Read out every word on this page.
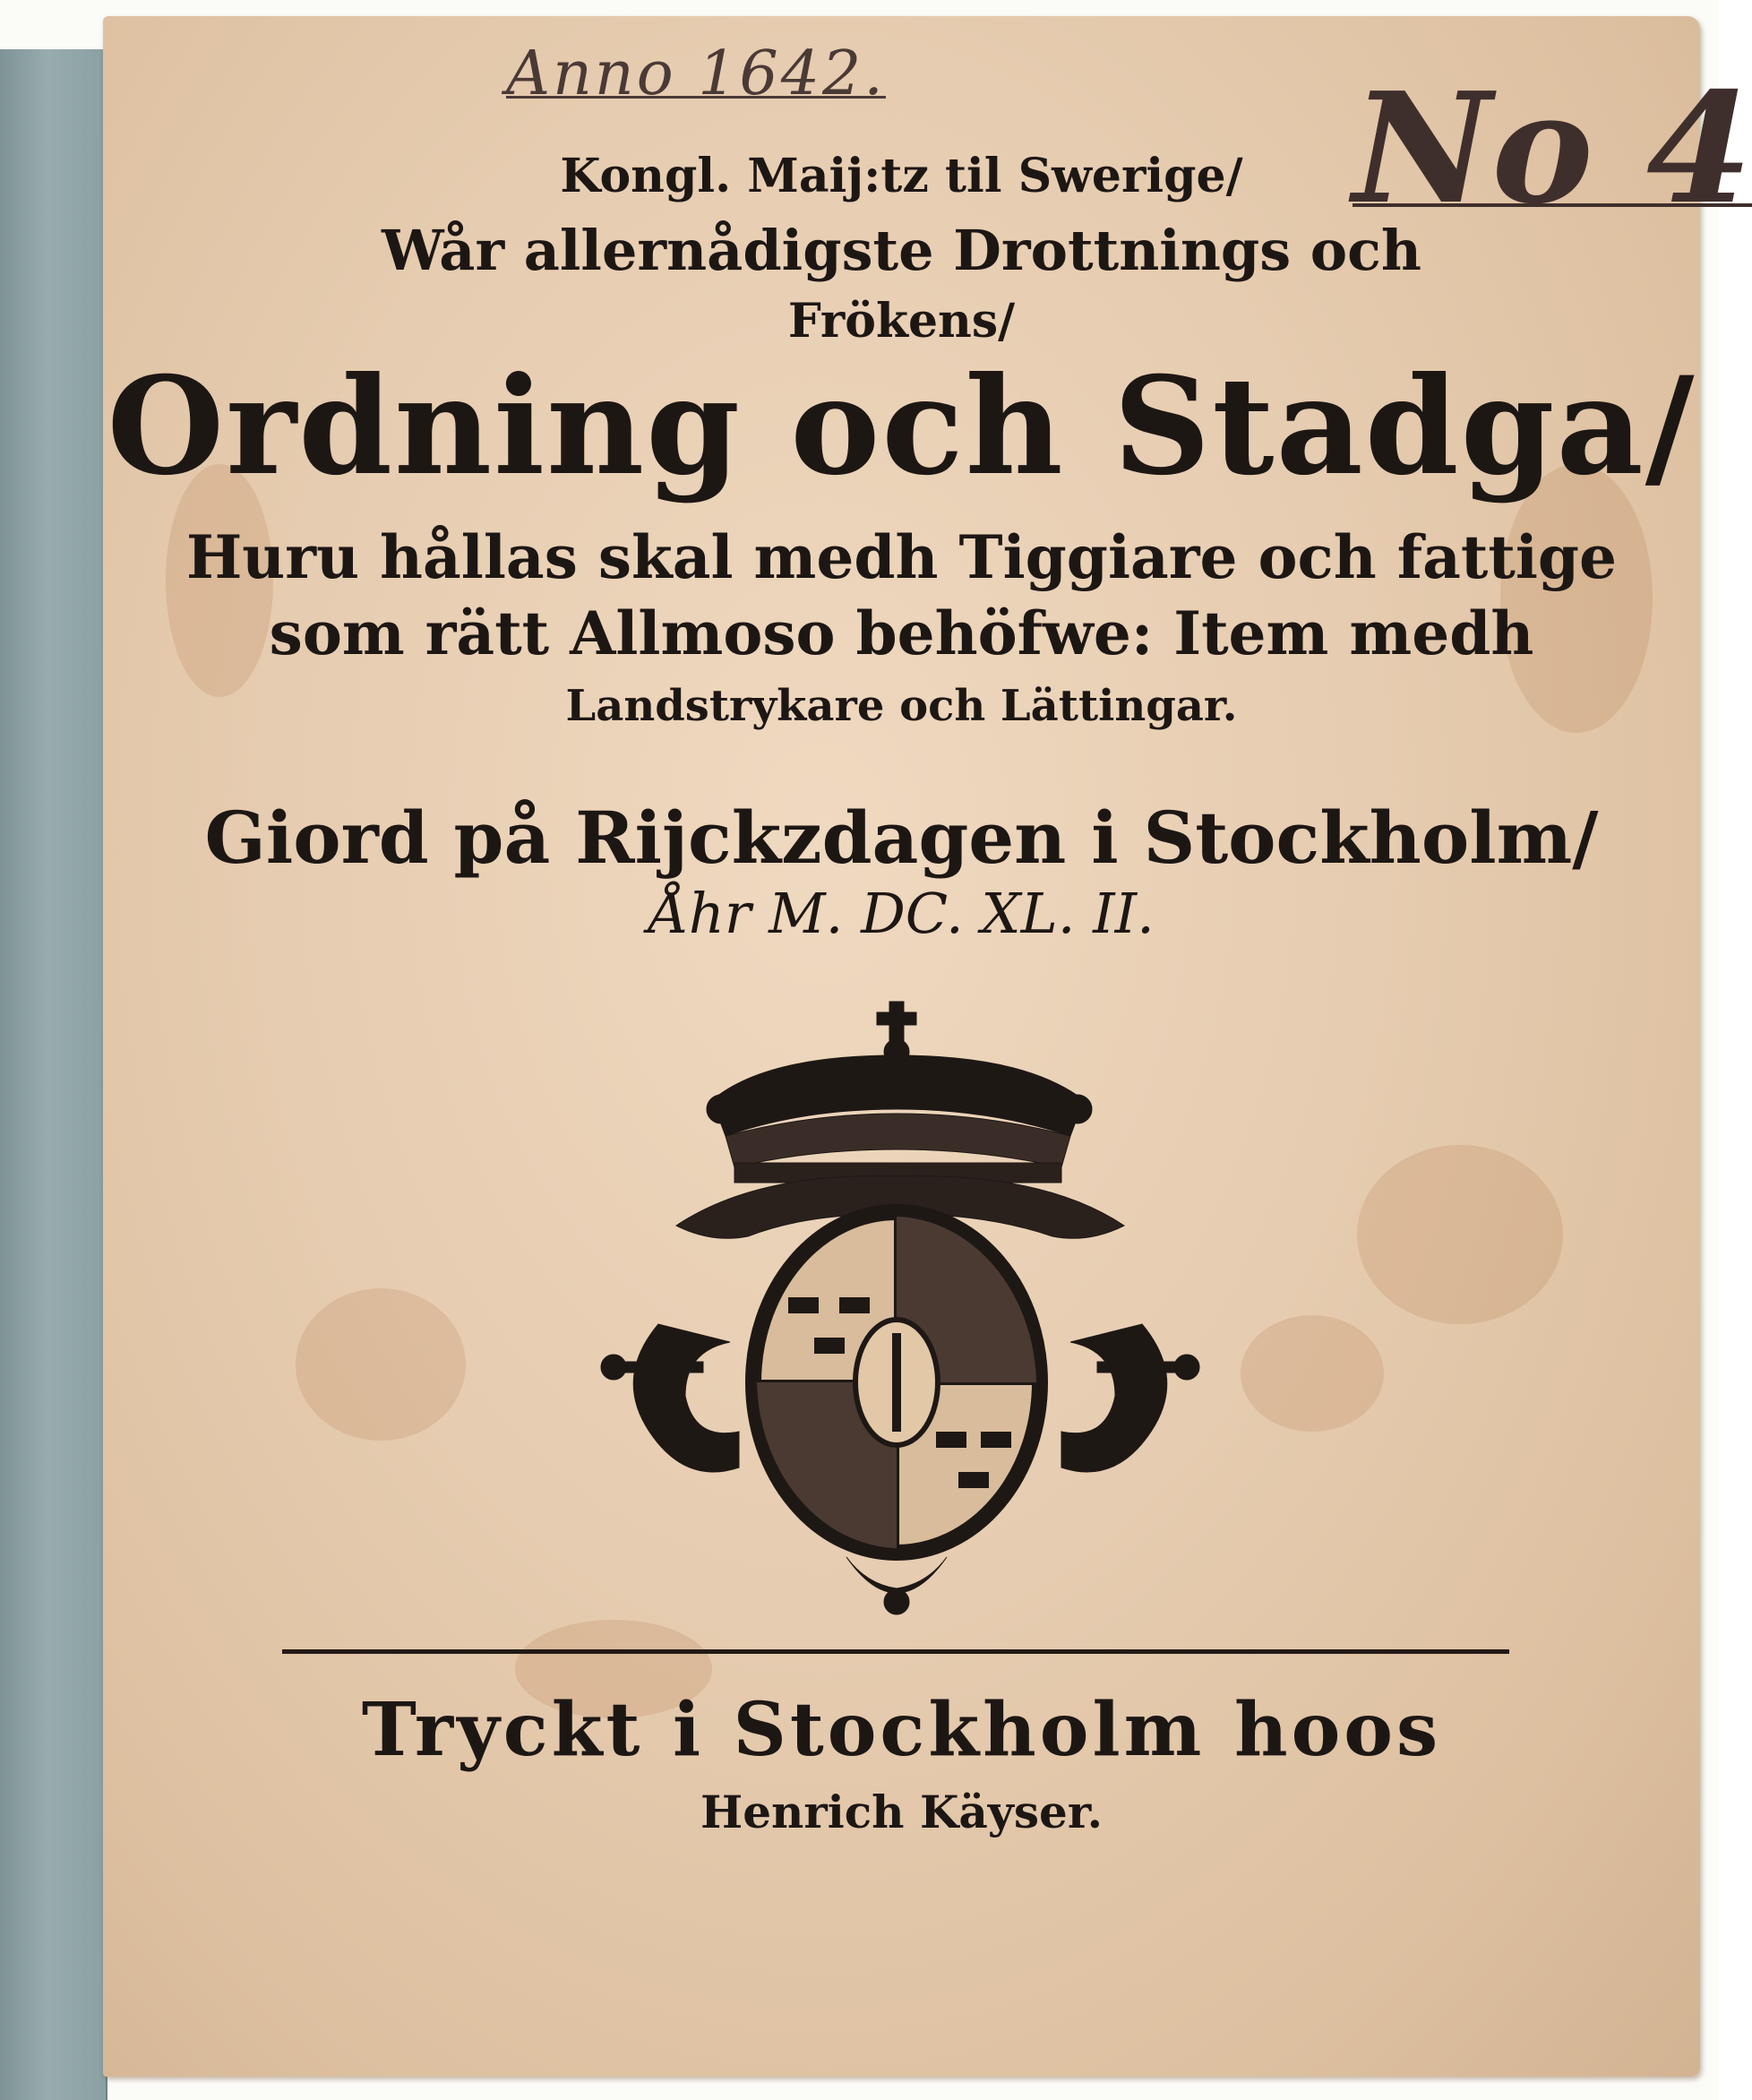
Anno 1642.	No 4
Kongl. Maij:tz til Swerige/
Wår allernådigste Drottnings och
Frökens/
Ordning och Stadga/
Huru hållas skal medh Tiggiare och fattige
som rätt Allmoso behöfwe: Item medh
Landstrykare och Lättingar.
Giord på Rijckzdagen i Stockholm/
Åhr M. DC. XL. II.
Tryckt i Stockholm hoos
Henrich Käyser.
